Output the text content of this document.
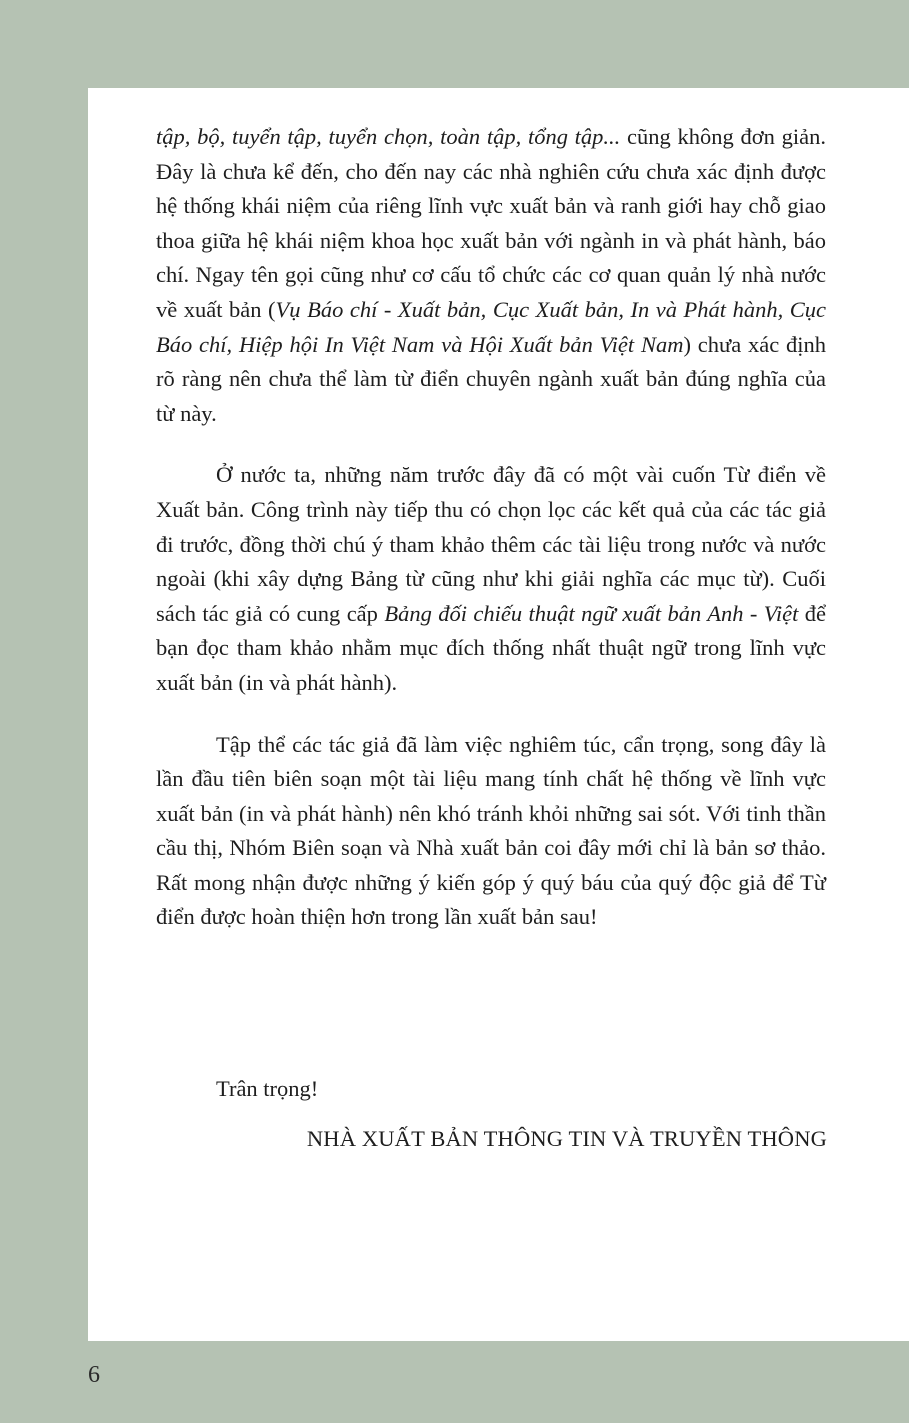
tập, bộ, tuyển tập, tuyển chọn, toàn tập, tổng tập... cũng không đơn giản. Đây là chưa kể đến, cho đến nay các nhà nghiên cứu chưa xác định được hệ thống khái niệm của riêng lĩnh vực xuất bản và ranh giới hay chỗ giao thoa giữa hệ khái niệm khoa học xuất bản với ngành in và phát hành, báo chí. Ngay tên gọi cũng như cơ cấu tổ chức các cơ quan quản lý nhà nước về xuất bản (Vụ Báo chí - Xuất bản, Cục Xuất bản, In và Phát hành, Cục Báo chí, Hiệp hội In Việt Nam và Hội Xuất bản Việt Nam) chưa xác định rõ ràng nên chưa thể làm từ điển chuyên ngành xuất bản đúng nghĩa của từ này.

Ở nước ta, những năm trước đây đã có một vài cuốn Từ điển về Xuất bản. Công trình này tiếp thu có chọn lọc các kết quả của các tác giả đi trước, đồng thời chú ý tham khảo thêm các tài liệu trong nước và nước ngoài (khi xây dựng Bảng từ cũng như khi giải nghĩa các mục từ). Cuối sách tác giả có cung cấp Bảng đối chiếu thuật ngữ xuất bản Anh - Việt để bạn đọc tham khảo nhằm mục đích thống nhất thuật ngữ trong lĩnh vực xuất bản (in và phát hành).

Tập thể các tác giả đã làm việc nghiêm túc, cẩn trọng, song đây là lần đầu tiên biên soạn một tài liệu mang tính chất hệ thống về lĩnh vực xuất bản (in và phát hành) nên khó tránh khỏi những sai sót. Với tinh thần cầu thị, Nhóm Biên soạn và Nhà xuất bản coi đây mới chỉ là bản sơ thảo. Rất mong nhận được những ý kiến góp ý quý báu của quý độc giả để Từ điển được hoàn thiện hơn trong lần xuất bản sau!

Trân trọng!
NHÀ XUẤT BẢN THÔNG TIN VÀ TRUYỀN THÔNG
6
